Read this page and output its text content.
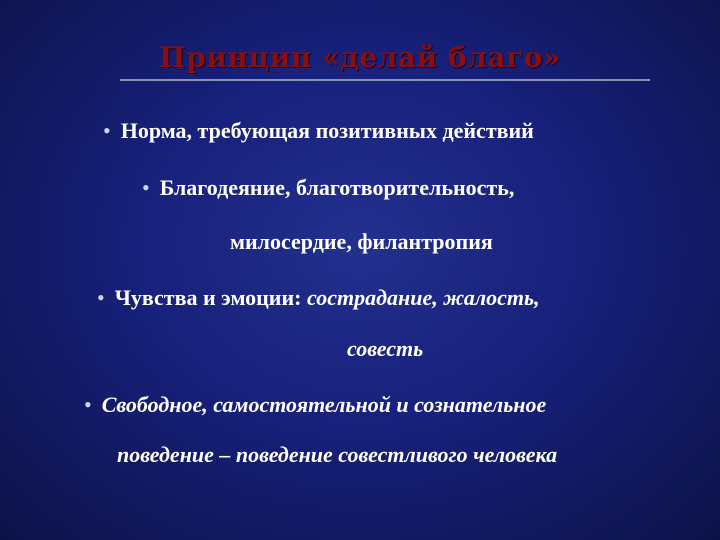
Принцип «делай благо»

• Норма, требующая позитивных действий

• Благодеяние, благотворительность,

милосердие, филантропия

• Чувства и эмоции: сострадание, жалость,

совесть

• Свободное, самостоятельной и сознательное

поведение – поведение совестливого человека
